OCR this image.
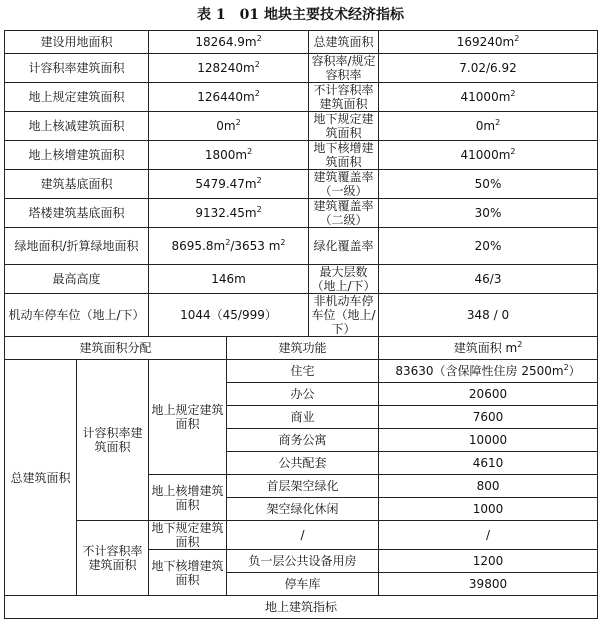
表 1　01 地块主要技术经济指标
建设用地面积		$18264.9m^2$		总建筑面积	$169240m^2$
计容积率建筑面积		$128240m^2$		容积率/规定容积率	7.02/6.92
地上规定建筑面积		$126440m^2$		不计容积率建筑面积	$41000m^2$
地上核减建筑面积		$0m^2$		地下规定建筑面积	$0m^2$
地上核增建筑面积		$1800m^2$		地下核增建筑面积	$41000m^2$
建筑基底面积		$5479.47m^2$		建筑覆盖率（一级）	50%
塔楼建筑基底面积		$9132.45m^2$		建筑覆盖率（二级）	30%
绿地面积/折算绿地面积		$8695.8m^2/3653$ $m^2$		绿化覆盖率	20%
最高高度		146m		最大层数（地上/下）	46/3
机动车停车位（地上/下）		1044（45/999）		非机动车停车位（地上/下）	348 / 0
建筑面积分配			建筑功能		建筑面积 $m^2$
总建筑面积	计容积率建筑面积	地上规定建筑面积	住宅		83630（含保障性住房 $2500m^2$）
			办公		20600
			商业		7600
			商务公寓		10000
			公共配套		4610
		地上核增建筑面积	首层架空绿化		800
			架空绿化休闲		1000
	不计容积率建筑面积	地下规定建筑面积	/		/
		地下核增建筑面积	负一层公共设备用房		1200
			停车库		39800
地上建筑指标					
